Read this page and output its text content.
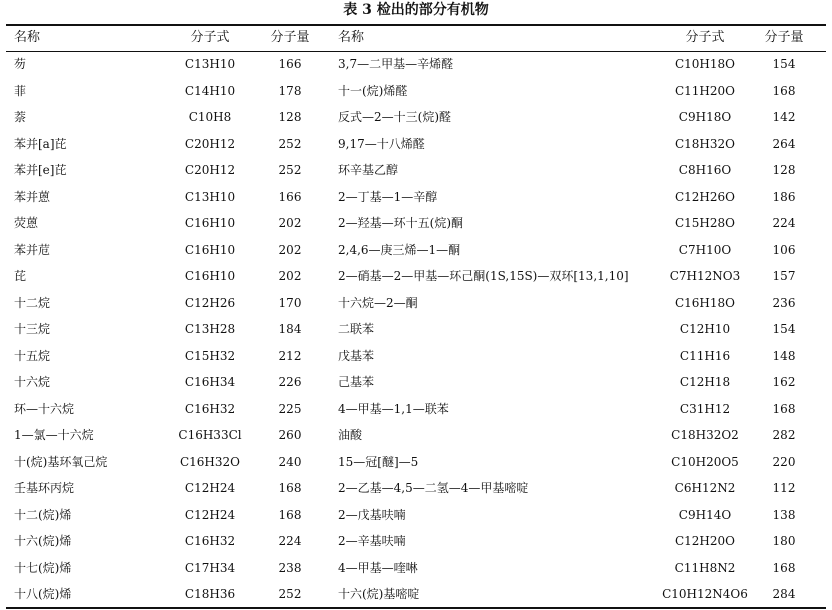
表 3 检出的部分有机物
名称	分子式	分子量	名称	分子式	分子量
芴	C13H10	166	3,7—二甲基—辛烯醛	C10H18O	154
菲	C14H10	178	十一(烷)烯醛	C11H20O	168
萘	C10H8	128	反式—2—十三(烷)醛	C9H18O	142
苯并[a]芘	C20H12	252	9,17—十八烯醛	C18H32O	264
苯并[e]芘	C20H12	252	环辛基乙醇	C8H16O	128
苯并蒽	C13H10	166	2—丁基—1—辛醇	C12H26O	186
荧蒽	C16H10	202	2—羟基—环十五(烷)酮	C15H28O	224
苯并苊	C16H10	202	2,4,6—庚三烯—1—酮	C7H10O	106
芘	C16H10	202	2—硝基—2—甲基—环己酮(1S,15S)—双环[13,1,10]	C7H12NO3	157
十二烷	C12H26	170	十六烷—2—酮	C16H18O	236
十三烷	C13H28	184	二联苯	C12H10	154
十五烷	C15H32	212	戊基苯	C11H16	148
十六烷	C16H34	226	己基苯	C12H18	162
环—十六烷	C16H32	225	4—甲基—1,1—联苯	C31H12	168
1—氯—十六烷	C16H33Cl	260	油酸	C18H32O2	282
十(烷)基环氧己烷	C16H32O	240	15—冠[醚]—5	C10H20O5	220
壬基环丙烷	C12H24	168	2—乙基—4,5—二氢—4—甲基嘧啶	C6H12N2	112
十二(烷)烯	C12H24	168	2—戊基呋喃	C9H14O	138
十六(烷)烯	C16H32	224	2—辛基呋喃	C12H20O	180
十七(烷)烯	C17H34	238	4—甲基—喹啉	C11H8N2	168
十八(烷)烯	C18H36	252	十六(烷)基嘧啶	C10H12N4O6	284
